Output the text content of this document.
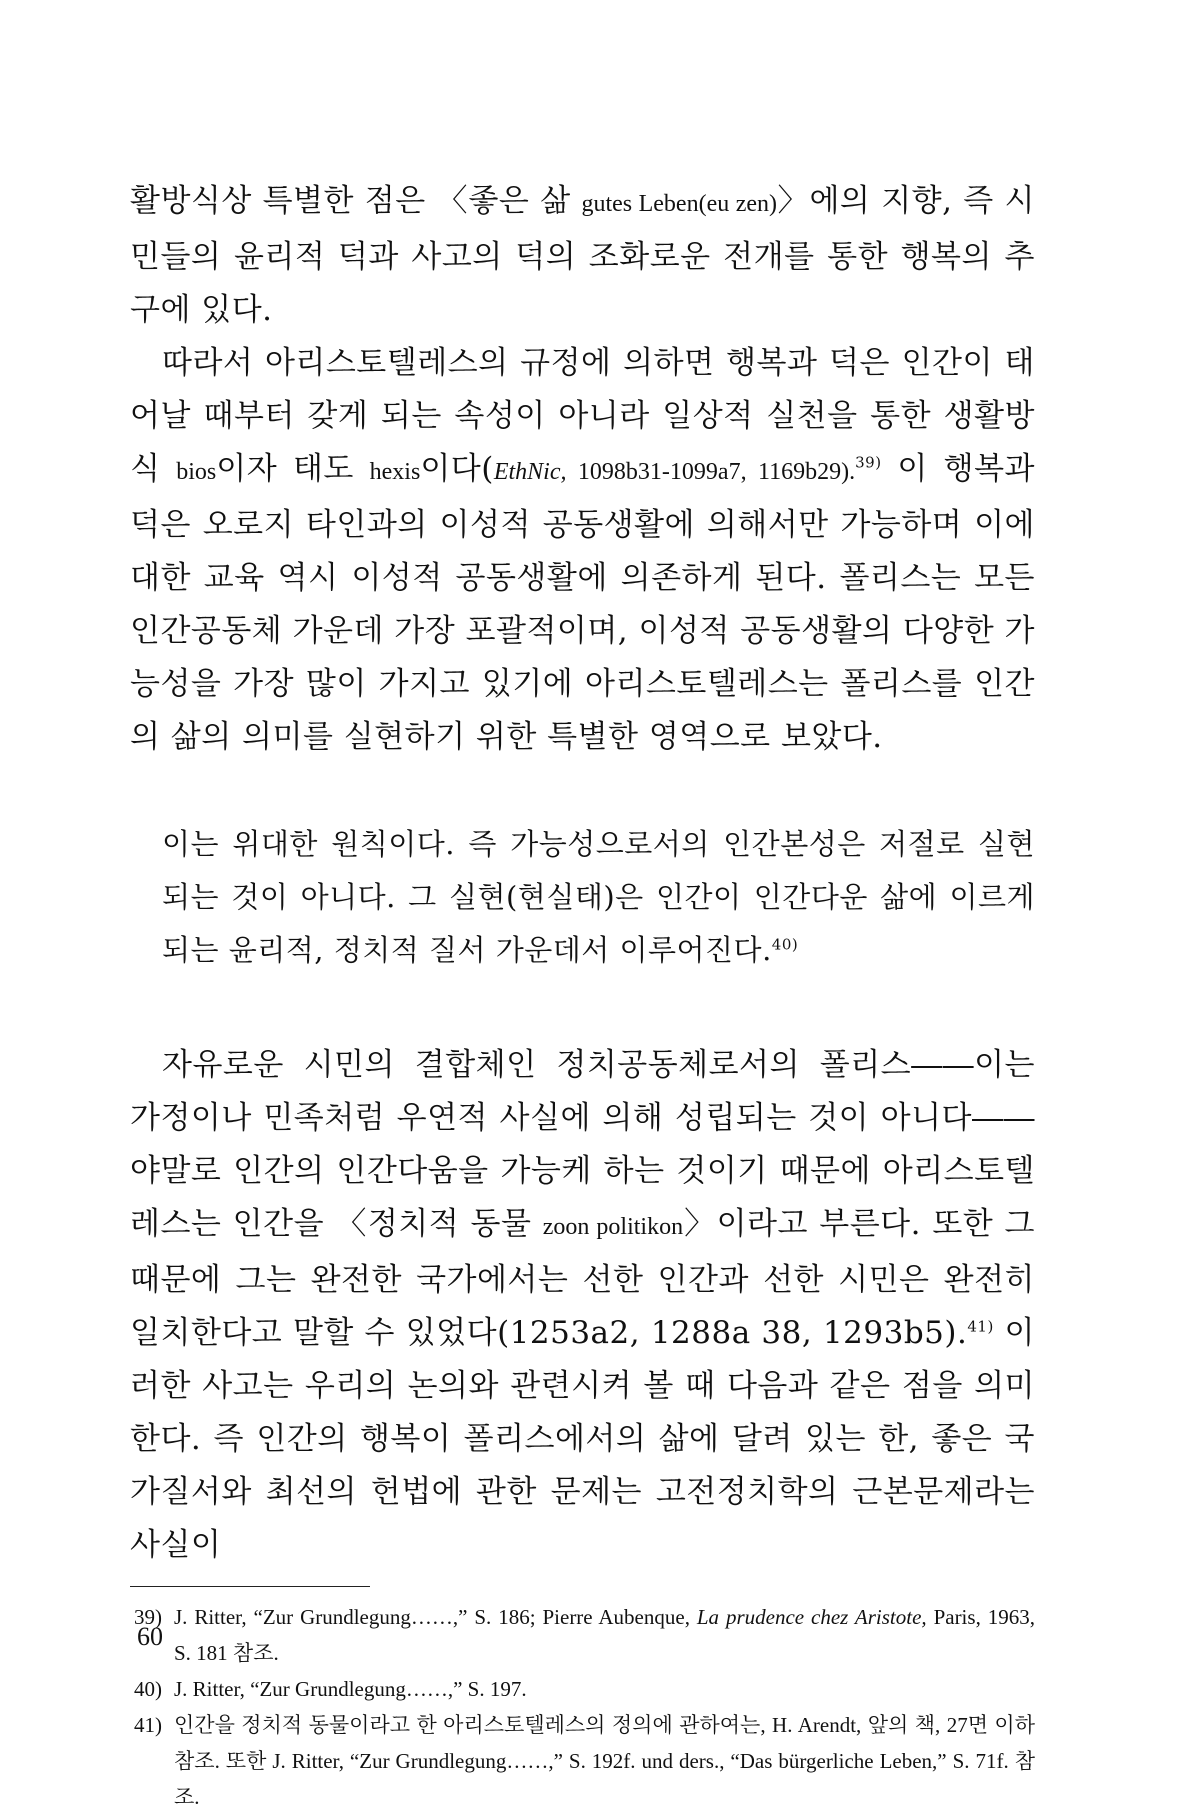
활방식상 특별한 점은 〈좋은 삶 gutes Leben(eu zen)〉에의 지향, 즉 시민들의 윤리적 덕과 사고의 덕의 조화로운 전개를 통한 행복의 추구에 있다.

따라서 아리스토텔레스의 규정에 의하면 행복과 덕은 인간이 태어날 때부터 갖게 되는 속성이 아니라 일상적 실천을 통한 생활방식 bios이자 태도 hexis이다(EthNic, 1098b31-1099a7, 1169b29).$^{39)}$ 이 행복과 덕은 오로지 타인과의 이성적 공동생활에 의해서만 가능하며 이에 대한 교육 역시 이성적 공동생활에 의존하게 된다. 폴리스는 모든 인간공동체 가운데 가장 포괄적이며, 이성적 공동생활의 다양한 가능성을 가장 많이 가지고 있기에 아리스토텔레스는 폴리스를 인간의 삶의 의미를 실현하기 위한 특별한 영역으로 보았다.

이는 위대한 원칙이다. 즉 가능성으로서의 인간본성은 저절로 실현되는 것이 아니다. 그 실현(현실태)은 인간이 인간다운 삶에 이르게 되는 윤리적, 정치적 질서 가운데서 이루어진다.$^{40)}$

자유로운 시민의 결합체인 정치공동체로서의 폴리스――이는 가정이나 민족처럼 우연적 사실에 의해 성립되는 것이 아니다――야말로 인간의 인간다움을 가능케 하는 것이기 때문에 아리스토텔레스는 인간을 〈정치적 동물 zoon politikon〉이라고 부른다. 또한 그 때문에 그는 완전한 국가에서는 선한 인간과 선한 시민은 완전히 일치한다고 말할 수 있었다(1253a2, 1288a 38, 1293b5).$^{41)}$ 이러한 사고는 우리의 논의와 관련시켜 볼 때 다음과 같은 점을 의미한다. 즉 인간의 행복이 폴리스에서의 삶에 달려 있는 한, 좋은 국가질서와 최선의 헌법에 관한 문제는 고전정치학의 근본문제라는 사실이

39) J. Ritter, “Zur Grundlegung……,” S. 186; Pierre Aubenque, La prudence chez Aristote, Paris, 1963, S. 181 참조.
40) J. Ritter, “Zur Grundlegung……,” S. 197.
41) 인간을 정치적 동물이라고 한 아리스토텔레스의 정의에 관하여는, H. Arendt, 앞의 책, 27면 이하 참조. 또한 J. Ritter, “Zur Grundlegung……,” S. 192f. und ders., “Das bürgerliche Leben,” S. 71f. 참조.
60
